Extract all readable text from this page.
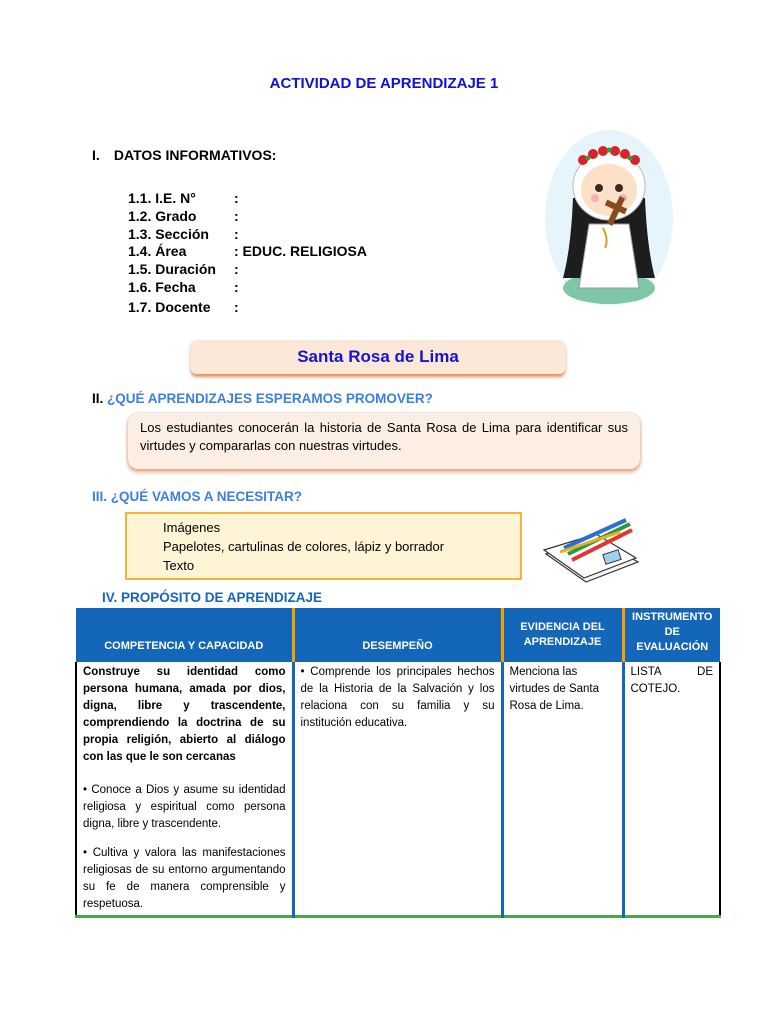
ACTIVIDAD DE APRENDIZAJE 1
I. DATOS INFORMATIVOS:
1.1. I.E. N°	:
1.2. Grado	:
1.3. Sección :
1.4. Área	: EDUC. RELIGIOSA
1.5. Duración :
1.6. Fecha	:
1.7. Docente :
Santa Rosa de Lima
II. ¿QUÉ APRENDIZAJES ESPERAMOS PROMOVER?
Los estudiantes conocerán la historia de Santa Rosa de Lima para identificar sus virtudes y compararlas con nuestras virtudes.
III. ¿QUÉ VAMOS A NECESITAR?
Imágenes
Papelotes, cartulinas de colores, lápiz y borrador
Texto
IV. PROPÓSITO DE APRENDIZAJE
COMPETENCIA Y CAPACIDAD	DESEMPEÑO	EVIDENCIA DEL APRENDIZAJE	INSTRUMENTO DE EVALUACIÓN

Construye su identidad como persona humana, amada por dios, digna, libre y trascendente, comprendiendo la doctrina de su propia religión, abierto al diálogo con las que le son cercanas

• Conoce a Dios y asume su identidad religiosa y espiritual como persona digna, libre y trascendente.

• Cultiva y valora las manifestaciones religiosas de su entorno argumentando su fe de manera comprensible y respetuosa.	• Comprende los principales hechos de la Historia de la Salvación y los relaciona con su familia y su institución educativa.	Menciona las virtudes de Santa Rosa de Lima.	LISTA DE COTEJO.
